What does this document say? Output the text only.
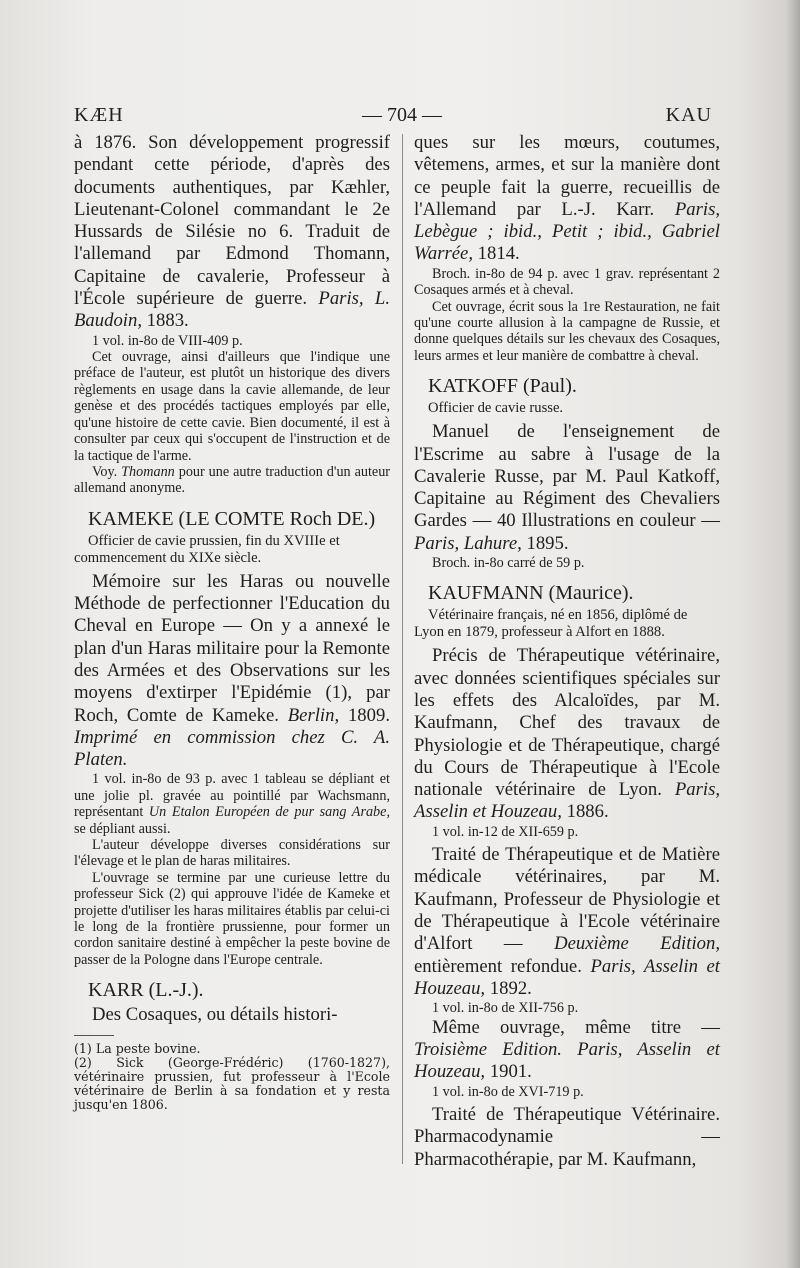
KÆH	— 704 —	KAU

à 1876. Son développement progressif pendant cette période, d'après des documents authentiques, par Kæhler, Lieutenant-Colonel commandant le 2e Hussards de Silésie no 6. Traduit de l'allemand par Edmond Thomann, Capitaine de cavalerie, Professeur à l'École supérieure de guerre. Paris, L. Baudoin, 1883.

1 vol. in-8o de VIII-409 p.

Cet ouvrage, ainsi d'ailleurs que l'indique une préface de l'auteur, est plutôt un historique des divers règlements en usage dans la cavie allemande, de leur genèse et des procédés tactiques employés par elle, qu'une histoire de cette cavie. Bien documenté, il est à consulter par ceux qui s'occupent de l'instruction et de la tactique de l'arme.

Voy. Thomann pour une autre traduction d'un auteur allemand anonyme.

KAMEKE (LE COMTE Roch DE.)

Officier de cavie prussien, fin du XVIIIe et commencement du XIXe siècle.

Mémoire sur les Haras ou nouvelle Méthode de perfectionner l'Education du Cheval en Europe — On y a annexé le plan d'un Haras militaire pour la Remonte des Armées et des Observations sur les moyens d'extirper l'Epidémie (1), par Roch, Comte de Kameke. Berlin, 1809. Imprimé en commission chez C. A. Platen.

1 vol. in-8o de 93 p. avec 1 tableau se dépliant et une jolie pl. gravée au pointillé par Wachsmann, représentant Un Etalon Européen de pur sang Arabe, se dépliant aussi.

L'auteur développe diverses considérations sur l'élevage et le plan de haras militaires.

L'ouvrage se termine par une curieuse lettre du professeur Sick (2) qui approuve l'idée de Kameke et projette d'utiliser les haras militaires établis par celui-ci le long de la frontière prussienne, pour former un cordon sanitaire destiné à empêcher la peste bovine de passer de la Pologne dans l'Europe centrale.

KARR (L.-J.).

Des Cosaques, ou détails histori-

(1) La peste bovine.

(2) Sick (George-Frédéric) (1760-1827), vétérinaire prussien, fut professeur à l'Ecole vétérinaire de Berlin à sa fondation et y resta jusqu'en 1806.

ques sur les mœurs, coutumes, vêtemens, armes, et sur la manière dont ce peuple fait la guerre, recueillis de l'Allemand par L.-J. Karr. Paris, Lebègue ; ibid., Petit ; ibid., Gabriel Warrée, 1814.

Broch. in-8o de 94 p. avec 1 grav. représentant 2 Cosaques armés et à cheval.

Cet ouvrage, écrit sous la 1re Restauration, ne fait qu'une courte allusion à la campagne de Russie, et donne quelques détails sur les chevaux des Cosaques, leurs armes et leur manière de combattre à cheval.

KATKOFF (Paul).

Officier de cavie russe.

Manuel de l'enseignement de l'Escrime au sabre à l'usage de la Cavalerie Russe, par M. Paul Katkoff, Capitaine au Régiment des Chevaliers Gardes — 40 Illustrations en couleur — Paris, Lahure, 1895.

Broch. in-8o carré de 59 p.

KAUFMANN (Maurice).

Vétérinaire français, né en 1856, diplômé de Lyon en 1879, professeur à Alfort en 1888.

Précis de Thérapeutique vétérinaire, avec données scientifiques spéciales sur les effets des Alcaloïdes, par M. Kaufmann, Chef des travaux de Physiologie et de Thérapeutique, chargé du Cours de Thérapeutique à l'Ecole nationale vétérinaire de Lyon. Paris, Asselin et Houzeau, 1886.

1 vol. in-12 de XII-659 p.

Traité de Thérapeutique et de Matière médicale vétérinaires, par M. Kaufmann, Professeur de Physiologie et de Thérapeutique à l'Ecole vétérinaire d'Alfort — Deuxième Edition, entièrement refondue. Paris, Asselin et Houzeau, 1892.

1 vol. in-8o de XII-756 p.

Même ouvrage, même titre — Troisième Edition. Paris, Asselin et Houzeau, 1901.

1 vol. in-8o de XVI-719 p.

Traité de Thérapeutique Vétérinaire. Pharmacodynamie — Pharmacothérapie, par M. Kaufmann,
